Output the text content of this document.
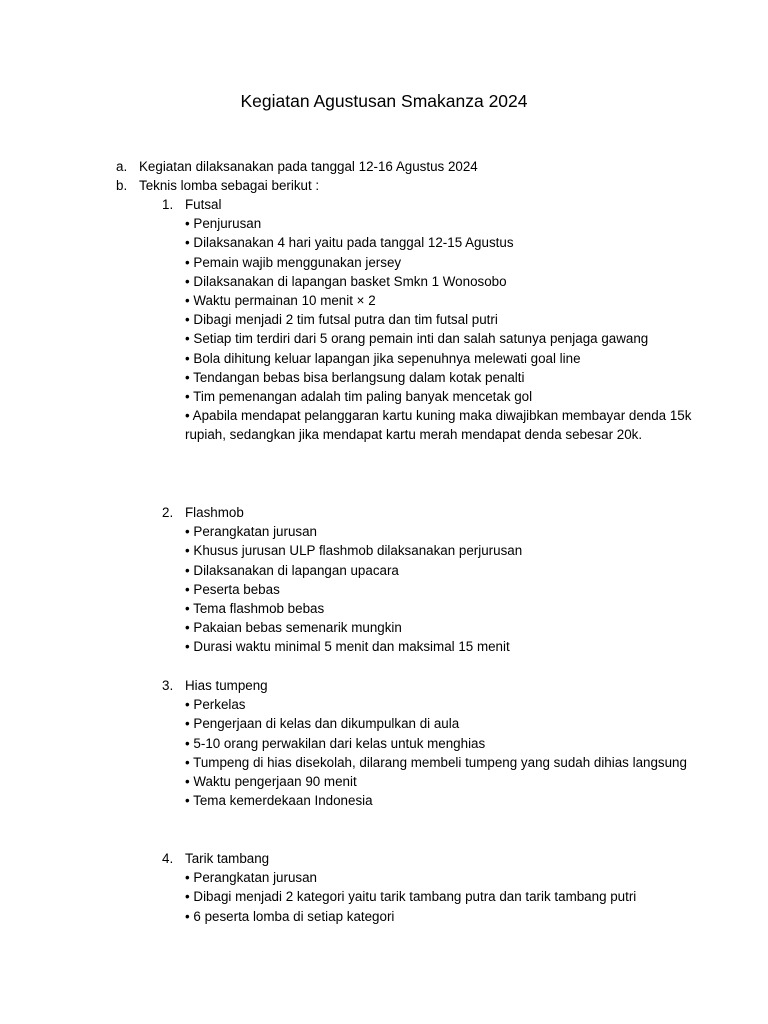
Kegiatan Agustusan Smakanza 2024
a. Kegiatan dilaksanakan pada tanggal 12-16 Agustus 2024
b. Teknis lomba sebagai berikut :
1. Futsal
• Penjurusan
• Dilaksanakan 4 hari yaitu pada tanggal 12-15 Agustus
• Pemain wajib menggunakan jersey
• Dilaksanakan di lapangan basket Smkn 1 Wonosobo
• Waktu permainan 10 menit × 2
• Dibagi menjadi 2 tim futsal putra dan tim futsal putri
• Setiap tim terdiri dari 5 orang pemain inti dan salah satunya penjaga gawang
• Bola dihitung keluar lapangan jika sepenuhnya melewati goal line
• Tendangan bebas bisa berlangsung dalam kotak penalti
• Tim pemenangan adalah tim paling banyak mencetak gol
• Apabila mendapat pelanggaran kartu kuning maka diwajibkan membayar denda 15k rupiah, sedangkan jika mendapat kartu merah mendapat denda sebesar 20k.
2. Flashmob
• Perangkatan jurusan
• Khusus jurusan ULP flashmob dilaksanakan perjurusan
• Dilaksanakan di lapangan upacara
• Peserta bebas
• Tema flashmob bebas
• Pakaian bebas semenarik mungkin
• Durasi waktu minimal 5 menit dan maksimal 15 menit
3. Hias tumpeng
• Perkelas
• Pengerjaan di kelas dan dikumpulkan di aula
• 5-10 orang perwakilan dari kelas untuk menghias
• Tumpeng di hias disekolah, dilarang membeli tumpeng yang sudah dihias langsung
• Waktu pengerjaan 90 menit
• Tema kemerdekaan Indonesia
4. Tarik tambang
• Perangkatan jurusan
• Dibagi menjadi 2 kategori yaitu tarik tambang putra dan tarik tambang putri
• 6 peserta lomba di setiap kategori
